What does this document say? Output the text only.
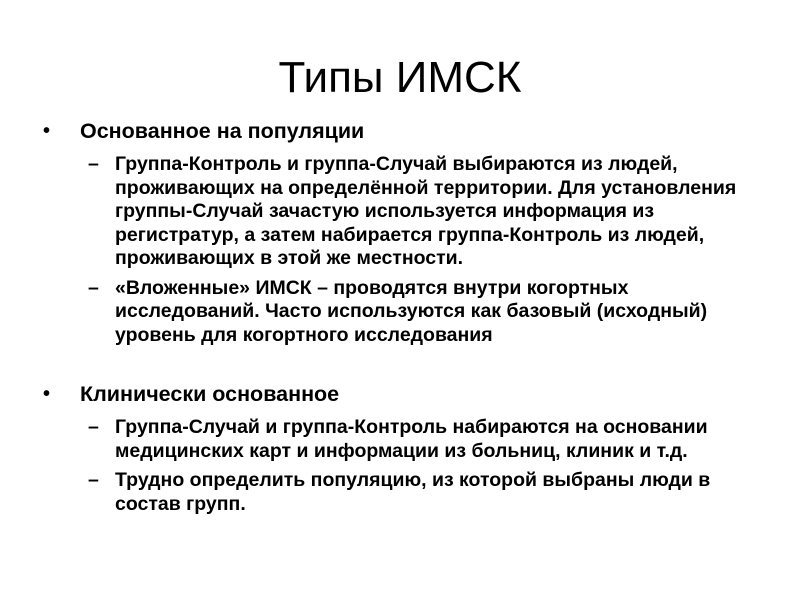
Типы ИМСК
• Основанное на популяции
– Группа-Контроль и группа-Случай выбираются из людей, проживающих на определённой территории. Для установления группы-Случай зачастую используется информация из регистратур, а затем набирается группа-Контроль из людей, проживающих в этой же местности.
– «Вложенные» ИМСК – проводятся внутри когортных исследований. Часто используются как базовый (исходный) уровень для когортного исследования
• Клинически основанное
– Группа-Случай и группа-Контроль набираются на основании медицинских карт и информации из больниц, клиник и т.д.
– Трудно определить популяцию, из которой выбраны люди в состав групп.
